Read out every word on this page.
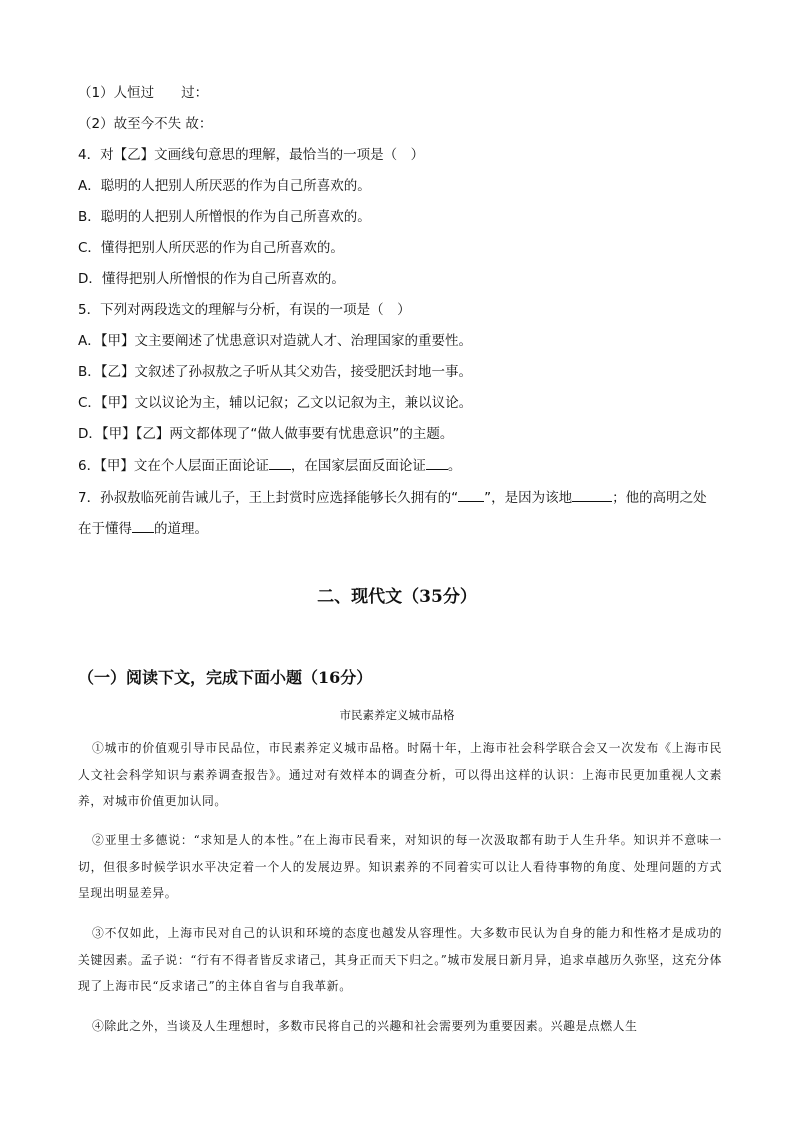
（1）人恒过　　过：
（2）故至今不失 故：
4．对【乙】文画线句意思的理解，最恰当的一项是（　）
A．聪明的人把别人所厌恶的作为自己所喜欢的。
B．聪明的人把别人所憎恨的作为自己所喜欢的。
C．懂得把别人所厌恶的作为自己所喜欢的。
D．懂得把别人所憎恨的作为自己所喜欢的。
5．下列对两段选文的理解与分析，有误的一项是（　）
A．【甲】文主要阐述了忧患意识对造就人才、治理国家的重要性。
B．【乙】文叙述了孙叔敖之子听从其父劝告，接受肥沃封地一事。
C．【甲】文以议论为主，辅以记叙；乙文以记叙为主，兼以议论。
D．【甲】【乙】两文都体现了“做人做事要有忧患意识”的主题。
6．【甲】文在个人层面正面论证 ，在国家层面反面论证 。
7．孙叔敖临死前告诫儿子，王上封赏时应选择能够长久拥有的“ ”，是因为该地	；他的高明之处
在于懂得 的道理。
二、现代文（35分）
（一）阅读下文，完成下面小题（16分）
市民素养定义城市品格
①城市的价值观引导市民品位，市民素养定义城市品格。时隔十年，上海市社会科学联合会又一次发布《上海市民人文社会科学知识与素养调查报告》。通过对有效样本的调查分析，可以得出这样的认识：上海市民更加重视人文素养，对城市价值更加认同。
②亚里士多德说：“求知是人的本性。”在上海市民看来，对知识的每一次汲取都有助于人生升华。知识并不意味一切，但很多时候学识水平决定着一个人的发展边界。知识素养的不同着实可以让人看待事物的角度、处理问题的方式呈现出明显差异。
③不仅如此，上海市民对自己的认识和环境的态度也越发从容理性。大多数市民认为自身的能力和性格才是成功的关键因素。孟子说：“行有不得者皆反求诸己，其身正而天下归之。”城市发展日新月异，追求卓越历久弥坚，这充分体现了上海市民“反求诸己”的主体自省与自我革新。
④除此之外，当谈及人生理想时，多数市民将自己的兴趣和社会需要列为重要因素。兴趣是点燃人生
